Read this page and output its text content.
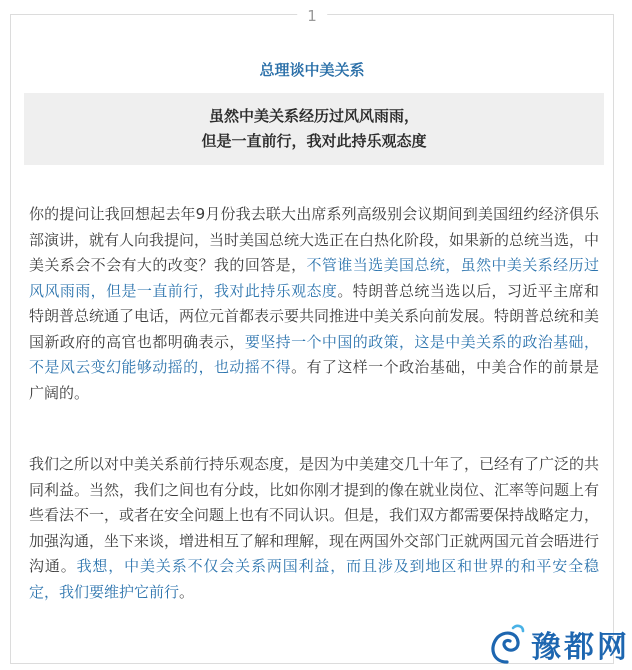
1
总理谈中美关系
虽然中美关系经历过风风雨雨，
但是一直前行，我对此持乐观态度

你的提问让我回想起去年9月份我去联大出席系列高级别会议期间到美国纽约经济俱乐部演讲，就有人向我提问，当时美国总统大选正在白热化阶段，如果新的总统当选，中美关系会不会有大的改变？我的回答是，不管谁当选美国总统，虽然中美关系经历过风风雨雨，但是一直前行，我对此持乐观态度。特朗普总统当选以后，习近平主席和特朗普总统通了电话，两位元首都表示要共同推进中美关系向前发展。特朗普总统和美国新政府的高官也都明确表示，要坚持一个中国的政策，这是中美关系的政治基础，不是风云变幻能够动摇的，也动摇不得。有了这样一个政治基础，中美合作的前景是广阔的。

我们之所以对中美关系前行持乐观态度，是因为中美建交几十年了，已经有了广泛的共同利益。当然，我们之间也有分歧，比如你刚才提到的像在就业岗位、汇率等问题上有些看法不一，或者在安全问题上也有不同认识。但是，我们双方都需要保持战略定力，加强沟通，坐下来谈，增进相互了解和理解，现在两国外交部门正就两国元首会晤进行沟通。我想，中美关系不仅会关系两国利益，而且涉及到地区和世界的和平安全稳定，我们要维护它前行。

豫都网
